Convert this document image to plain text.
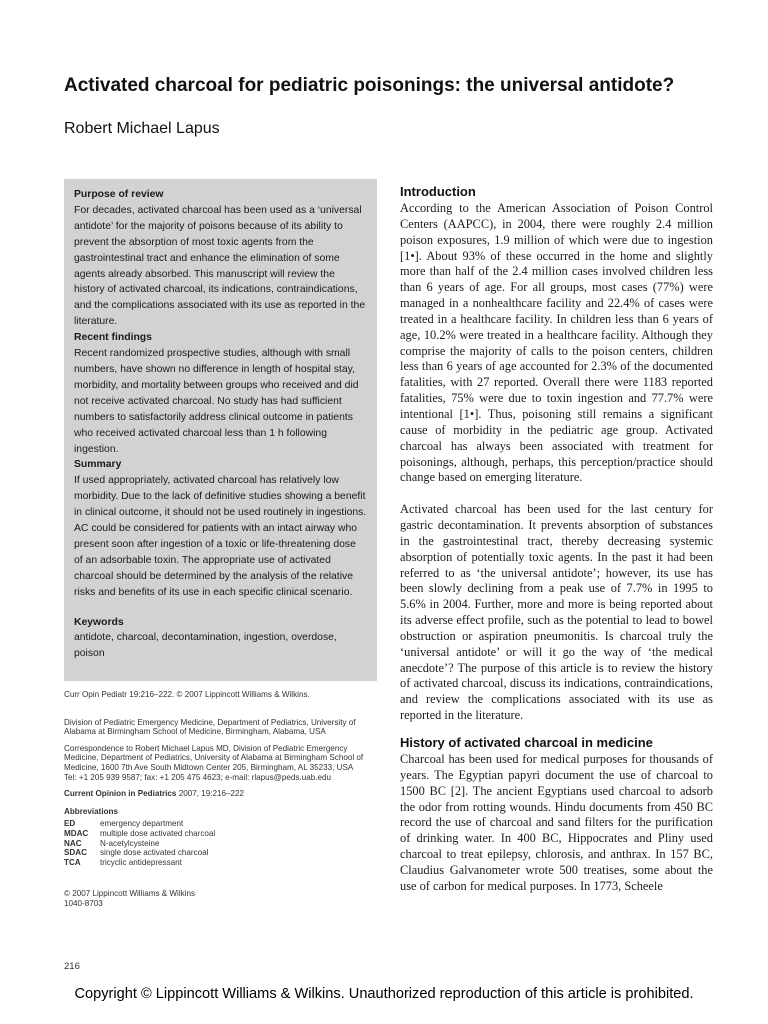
Activated charcoal for pediatric poisonings: the universal antidote?
Robert Michael Lapus

Purpose of review

For decades, activated charcoal has been used as a ‘universal antidote’ for the majority of poisons because of its ability to prevent the absorption of most toxic agents from the gastrointestinal tract and enhance the elimination of some agents already absorbed. This manuscript will review the history of activated charcoal, its indications, contraindications, and the complications associated with its use as reported in the literature.

Recent findings

Recent randomized prospective studies, although with small numbers, have shown no difference in length of hospital stay, morbidity, and mortality between groups who received and did not receive activated charcoal. No study has had sufficient numbers to satisfactorily address clinical outcome in patients who received activated charcoal less than 1 h following ingestion.

Summary

If used appropriately, activated charcoal has relatively low morbidity. Due to the lack of definitive studies showing a benefit in clinical outcome, it should not be used routinely in ingestions. AC could be considered for patients with an intact airway who present soon after ingestion of a toxic or life-threatening dose of an adsorbable toxin. The appropriate use of activated charcoal should be determined by the analysis of the relative risks and benefits of its use in each specific clinical scenario.

Keywords

antidote, charcoal, decontamination, ingestion, overdose, poison

Curr Opin Pediatr 19:216–222. © 2007 Lippincott Williams & Wilkins.

Division of Pediatric Emergency Medicine, Department of Pediatrics, University of Alabama at Birmingham School of Medicine, Birmingham, Alabama, USA

Correspondence to Robert Michael Lapus MD, Division of Pediatric Emergency Medicine, Department of Pediatrics, University of Alabama at Birmingham School of Medicine, 1600 7th Ave South Midtown Center 205, Birmingham, AL 35233, USA

Tel: +1 205 939 9587; fax: +1 205 475 4623; e-mail: rlapus@peds.uab.edu

Current Opinion in Pediatrics 2007, 19:216–222

Abbreviations

ED	emergency department
MDAC	multiple dose activated charcoal
NAC	N-acetylcysteine
SDAC	single dose activated charcoal
TCA	tricyclic antidepressant

© 2007 Lippincott Williams & Wilkins

1040-8703

216
Introduction

According to the American Association of Poison Control Centers (AAPCC), in 2004, there were roughly 2.4 million poison exposures, 1.9 million of which were due to ingestion [1•]. About 93% of these occurred in the home and slightly more than half of the 2.4 million cases involved children less than 6 years of age. For all groups, most cases (77%) were managed in a nonhealthcare facility and 22.4% of cases were treated in a healthcare facility. In children less than 6 years of age, 10.2% were treated in a healthcare facility. Although they comprise the majority of calls to the poison centers, children less than 6 years of age accounted for 2.3% of the documented fatalities, with 27 reported. Overall there were 1183 reported fatalities, 75% were due to toxin ingestion and 77.7% were intentional [1•]. Thus, poisoning still remains a significant cause of morbidity in the pediatric age group. Activated charcoal has always been associated with treatment for poisonings, although, perhaps, this perception/practice should change based on emerging literature.

Activated charcoal has been used for the last century for gastric decontamination. It prevents absorption of substances in the gastrointestinal tract, thereby decreasing systemic absorption of potentially toxic agents. In the past it had been referred to as ‘the universal antidote’; however, its use has been slowly declining from a peak use of 7.7% in 1995 to 5.6% in 2004. Further, more and more is being reported about its adverse effect profile, such as the potential to lead to bowel obstruction or aspiration pneumonitis. Is charcoal truly the ‘universal antidote’ or will it go the way of ‘the medical anecdote’? The purpose of this article is to review the history of activated charcoal, discuss its indications, contraindications, and review the complications associated with its use as reported in the literature.

History of activated charcoal in medicine

Charcoal has been used for medical purposes for thousands of years. The Egyptian papyri document the use of charcoal to 1500 BC [2]. The ancient Egyptians used charcoal to adsorb the odor from rotting wounds. Hindu documents from 450 BC record the use of charcoal and sand filters for the purification of drinking water. In 400 BC, Hippocrates and Pliny used charcoal to treat epilepsy, chlorosis, and anthrax. In 157 BC, Claudius Galvanometer wrote 500 treatises, some about the use of carbon for medical purposes. In 1773, Scheele

Copyright © Lippincott Williams & Wilkins. Unauthorized reproduction of this article is prohibited.
